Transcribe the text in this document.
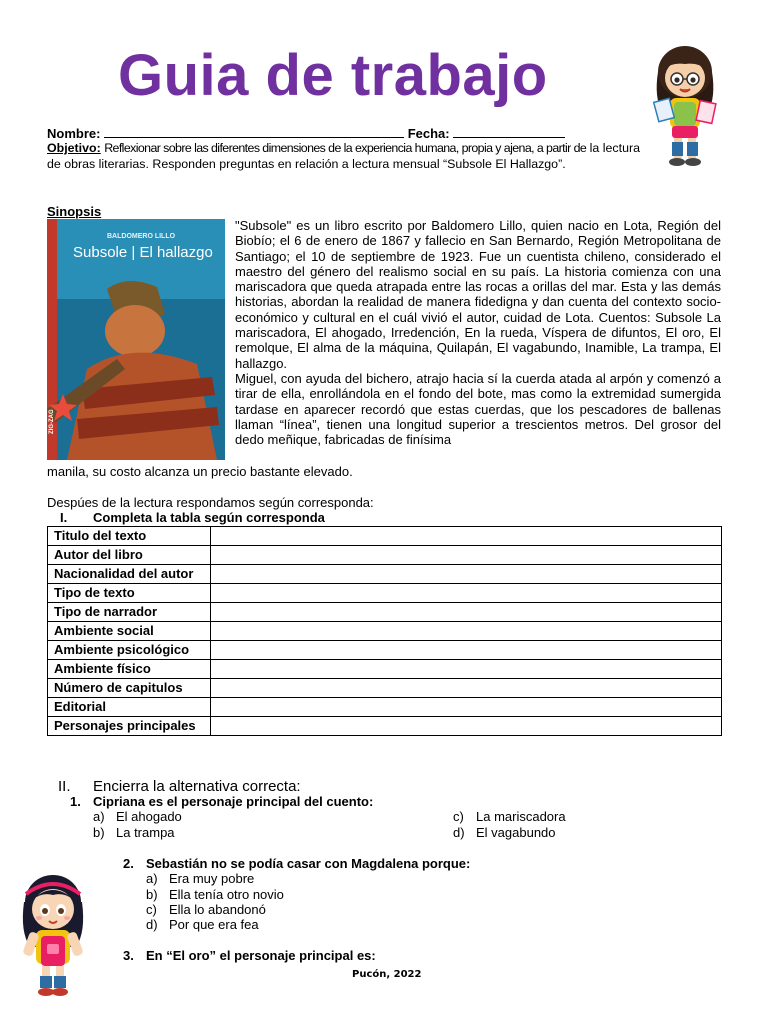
Guia de trabajo
Nombre:	Fecha:
Objetivo: Reflexionar sobre las diferentes dimensiones de la experiencia humana, propia y ajena, a partir de la lectura de obras literarias. Responden preguntas en relación a lectura mensual “Subsole El Hallazgo”.
Sinopsis
BALDOMERO LILLO
Subsole | El hallazgo
ZIG-ZAG
"Subsole" es un libro escrito por Baldomero Lillo, quien nacio en Lota, Región del Biobío; el 6 de enero de 1867 y fallecio en San Bernardo, Región Metropolitana de Santiago; el 10 de septiembre de 1923. Fue un cuentista chileno, considerado el maestro del género del realismo social en su país. La historia comienza con una mariscadora que queda atrapada entre las rocas a orillas del mar. Esta y las demás historias, abordan la realidad de manera fidedigna y dan cuenta del contexto socio-económico y cultural en el cuál vivió el autor, cuidad de Lota. Cuentos: Subsole La mariscadora, El ahogado, Irredención, En la rueda, Víspera de difuntos, El oro, El remolque, El alma de la máquina, Quilapán, El vagabundo, Inamible, La trampa, El hallazgo.
Miguel, con ayuda del bichero, atrajo hacia sí la cuerda atada al arpón y comenzó a tirar de ella, enrollándola en el fondo del bote, mas como la extremidad sumergida tardase en aparecer recordó que estas cuerdas, que los pescadores de ballenas llaman “línea”, tienen una longitud superior a trescientos metros. Del grosor del dedo meñique, fabricadas de finísima
manila, su costo alcanza un precio bastante elevado.
Despúes de la lectura respondamos según corresponda:
I. Completa la tabla según corresponda
Titulo del texto	
Autor del libro	
Nacionalidad del autor	
Tipo de texto	
Tipo de narrador	
Ambiente social	
Ambiente psicológico	
Ambiente físico	
Número de capitulos	
Editorial	
Personajes principales	
II. Encierra la alternativa correcta:
1. Cipriana es el personaje principal del cuento:
a) El ahogado
b) La trampa
c) La mariscadora
d) El vagabundo
2. Sebastián no se podía casar con Magdalena porque:
a) Era muy pobre
b) Ella tenía otro novio
c) Ella lo abandonó
d) Por que era fea
3. En “El oro” el personaje principal es:
Pucón, 2022
